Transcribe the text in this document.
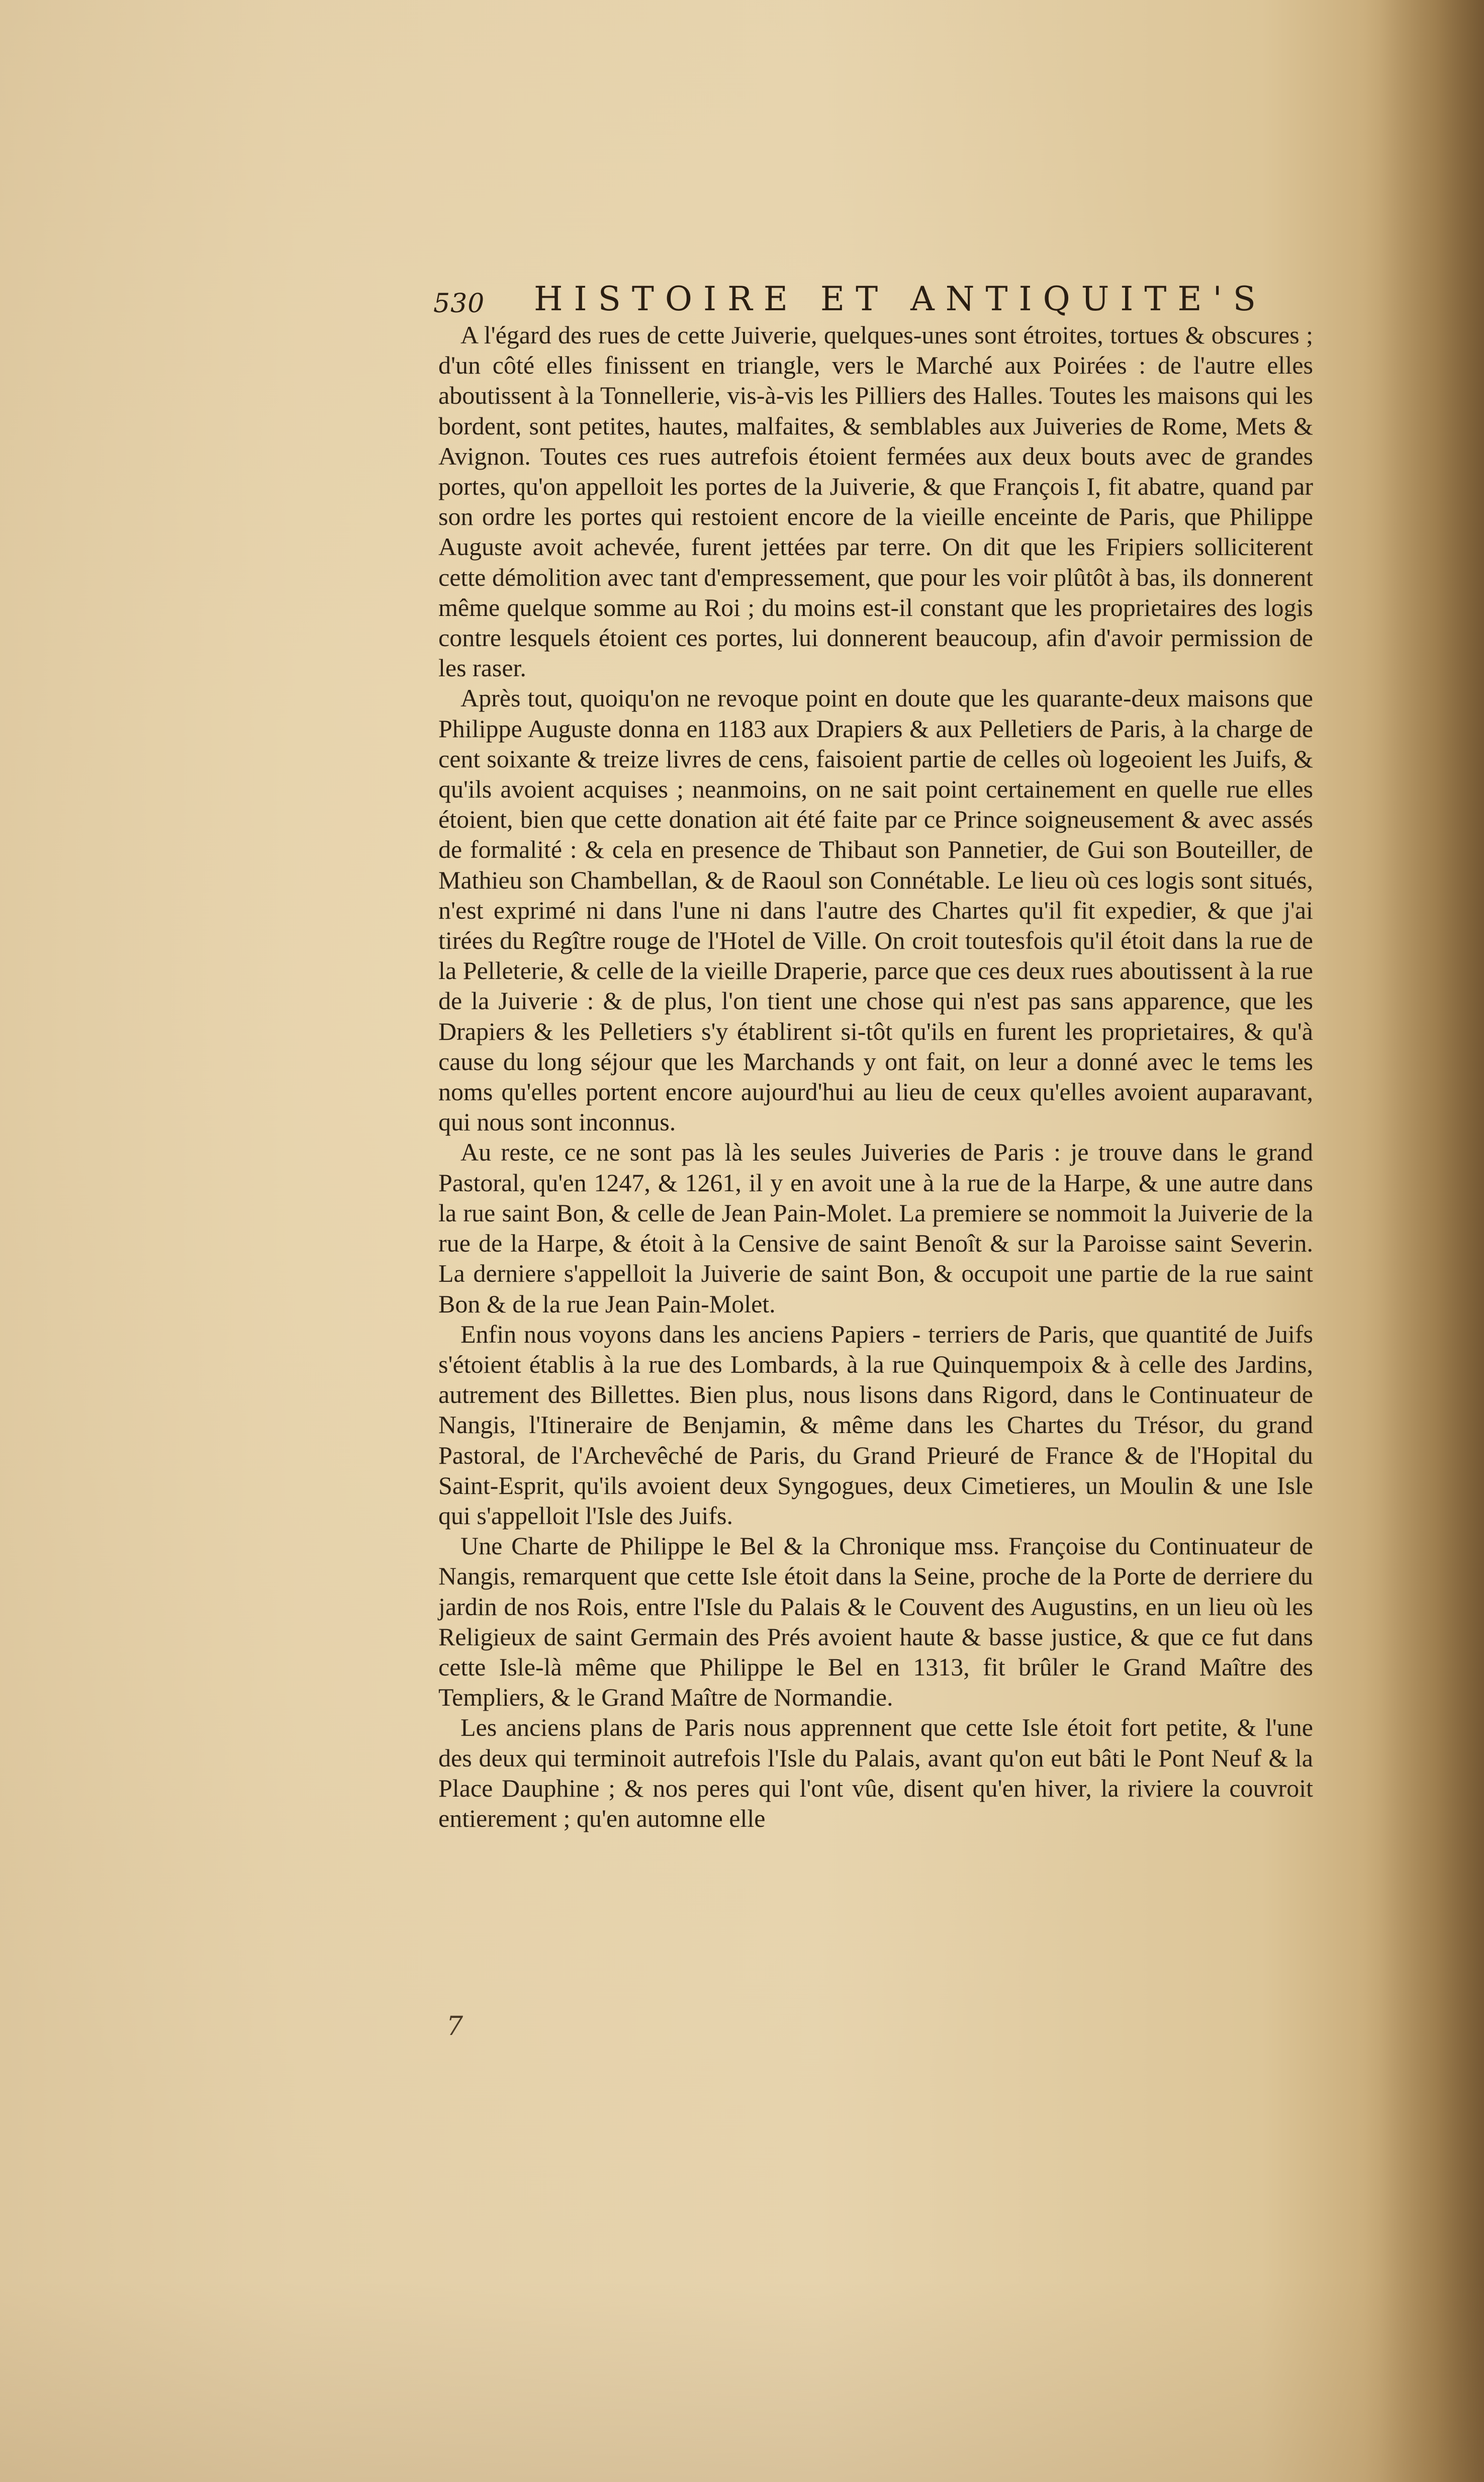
530 HISTOIRE ET ANTIQUITE'S

A l'égard des rues de cette Juiverie, quelques-unes sont étroites, tortues & obscures ; d'un côté elles finissent en triangle, vers le Marché aux Poirées : de l'autre elles aboutissent à la Tonnellerie, vis-à-vis les Pilliers des Halles. Toutes les maisons qui les bordent, sont petites, hautes, malfaites, & semblables aux Juiveries de Rome, Mets & Avignon. Toutes ces rues autrefois étoient fermées aux deux bouts avec de grandes portes, qu'on appelloit les portes de la Juiverie, & que François I, fit abatre, quand par son ordre les portes qui restoient encore de la vieille enceinte de Paris, que Philippe Auguste avoit achevée, furent jettées par terre. On dit que les Fripiers solliciterent cette démolition avec tant d'empressement, que pour les voir plûtôt à bas, ils donnerent même quelque somme au Roi ; du moins est-il constant que les proprietaires des logis contre lesquels étoient ces portes, lui donnerent beaucoup, afin d'avoir permission de les raser.

Après tout, quoiqu'on ne revoque point en doute que les quarante-deux maisons que Philippe Auguste donna en 1183 aux Drapiers & aux Pelletiers de Paris, à la charge de cent soixante & treize livres de cens, faisoient partie de celles où logeoient les Juifs, & qu'ils avoient acquises ; neanmoins, on ne sait point certainement en quelle rue elles étoient, bien que cette donation ait été faite par ce Prince soigneusement & avec assés de formalité : & cela en presence de Thibaut son Pannetier, de Gui son Bouteiller, de Mathieu son Chambellan, & de Raoul son Connétable. Le lieu où ces logis sont situés, n'est exprimé ni dans l'une ni dans l'autre des Chartes qu'il fit expedier, & que j'ai tirées du Regître rouge de l'Hotel de Ville. On croit toutesfois qu'il étoit dans la rue de la Pelleterie, & celle de la vieille Draperie, parce que ces deux rues aboutissent à la rue de la Juiverie : & de plus, l'on tient une chose qui n'est pas sans apparence, que les Drapiers & les Pelletiers s'y établirent si-tôt qu'ils en furent les proprietaires, & qu'à cause du long séjour que les Marchands y ont fait, on leur a donné avec le tems les noms qu'elles portent encore aujourd'hui au lieu de ceux qu'elles avoient auparavant, qui nous sont inconnus.

Au reste, ce ne sont pas là les seules Juiveries de Paris : je trouve dans le grand Pastoral, qu'en 1247, & 1261, il y en avoit une à la rue de la Harpe, & une autre dans la rue saint Bon, & celle de Jean Pain-Molet. La premiere se nommoit la Juiverie de la rue de la Harpe, & étoit à la Censive de saint Benoît & sur la Paroisse saint Severin. La derniere s'appelloit la Juiverie de saint Bon, & occupoit une partie de la rue saint Bon & de la rue Jean Pain-Molet.

Enfin nous voyons dans les anciens Papiers - terriers de Paris, que quantité de Juifs s'étoient établis à la rue des Lombards, à la rue Quinquempoix & à celle des Jardins, autrement des Billettes. Bien plus, nous lisons dans Rigord, dans le Continuateur de Nangis, l'Itineraire de Benjamin, & même dans les Chartes du Trésor, du grand Pastoral, de l'Archevêché de Paris, du Grand Prieuré de France & de l'Hopital du Saint-Esprit, qu'ils avoient deux Syngogues, deux Cimetieres, un Moulin & une Isle qui s'appelloit l'Isle des Juifs.

Une Charte de Philippe le Bel & la Chronique mss. Françoise du Continuateur de Nangis, remarquent que cette Isle étoit dans la Seine, proche de la Porte de derriere du jardin de nos Rois, entre l'Isle du Palais & le Couvent des Augustins, en un lieu où les Religieux de saint Germain des Prés avoient haute & basse justice, & que ce fut dans cette Isle-là même que Philippe le Bel en 1313, fit brûler le Grand Maître des Templiers, & le Grand Maître de Normandie.

Les anciens plans de Paris nous apprennent que cette Isle étoit fort petite, & l'une des deux qui terminoit autrefois l'Isle du Palais, avant qu'on eut bâti le Pont Neuf & la Place Dauphine ; & nos peres qui l'ont vûe, disent qu'en hiver, la riviere la couvroit entierement ; qu'en automne elle

7
